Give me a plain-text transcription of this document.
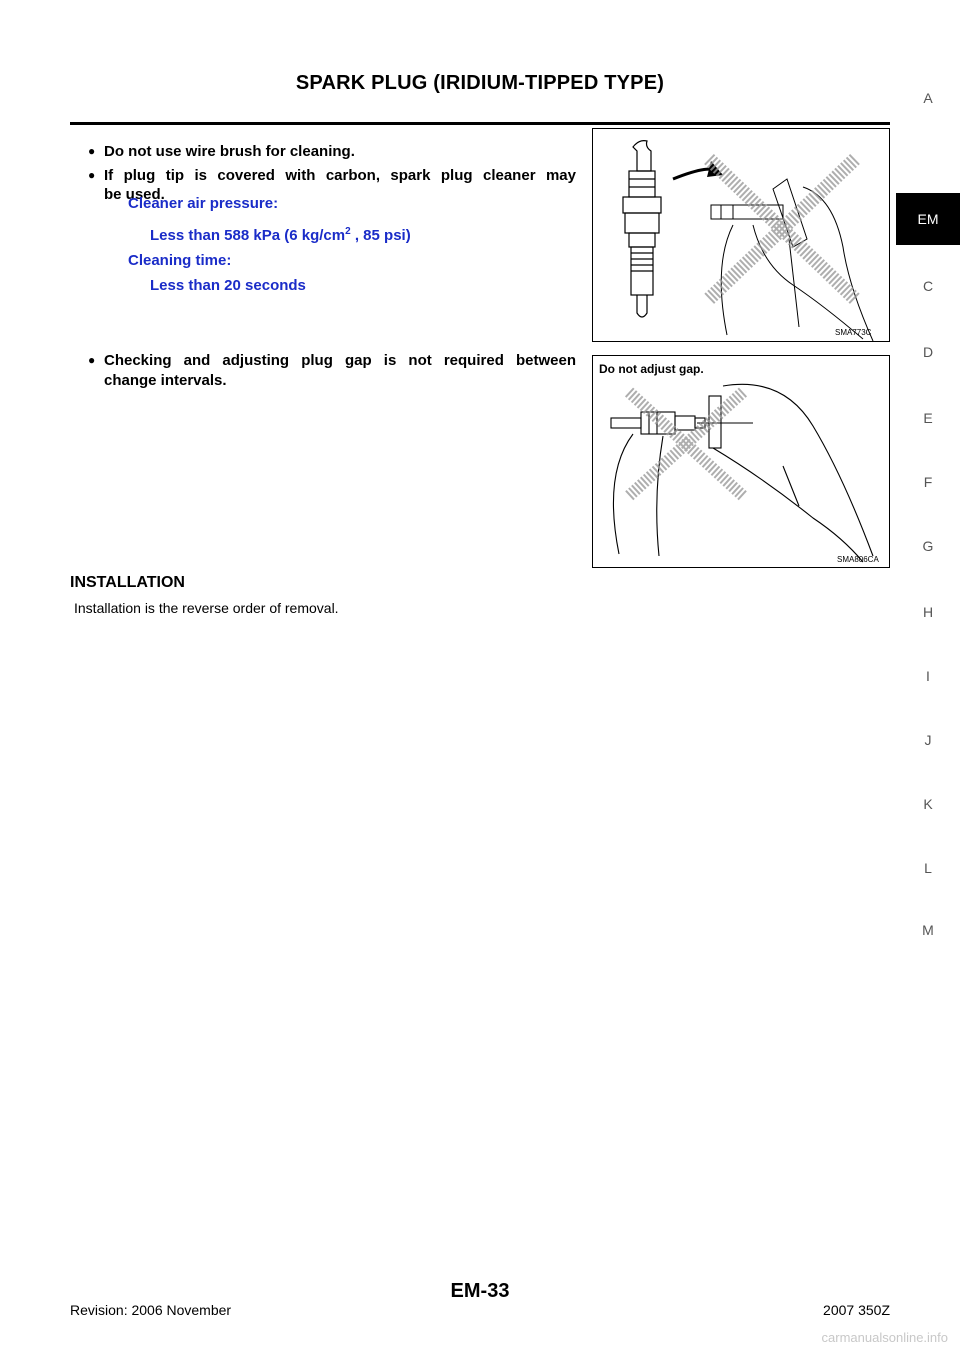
SPARK PLUG (IRIDIUM-TIPPED TYPE)
● Do not use wire brush for cleaning.
● If plug tip is covered with carbon, spark plug cleaner may
be used.
Cleaner air pressure:
Less than 588 kPa (6 $kg/cm^2$ , 85 psi)
Cleaning time:
Less than 20 seconds
SMA773C
● Checking and adjusting plug gap is not required between
change intervals.
Do not adjust gap.
SMA806CA
INSTALLATION
Installation is the reverse order of removal.
A
EM
C
D
E
F
G
H
I
J
K
L
M
Revision: 2006 November
EM-33
2007 350Z
carmanualsonline.info
